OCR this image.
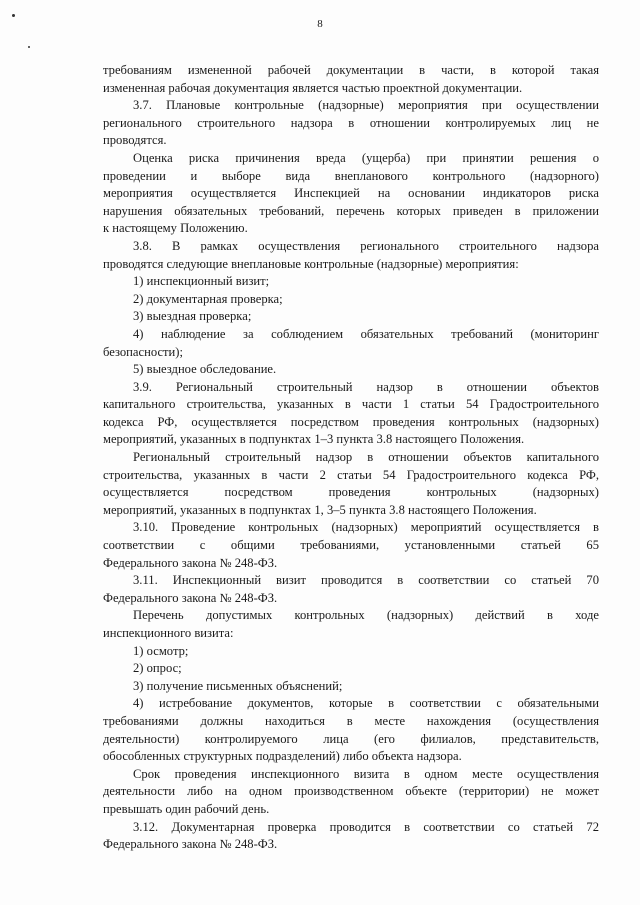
8
требованиям измененной рабочей документации в части, в которой такая
измененная рабочая документация является частью проектной документации.
3.7. Плановые контрольные (надзорные) мероприятия при осуществлении
регионального строительного надзора в отношении контролируемых лиц не
проводятся.
Оценка риска причинения вреда (ущерба) при принятии решения о
проведении и выборе вида внепланового контрольного (надзорного)
мероприятия осуществляется Инспекцией на основании индикаторов риска
нарушения обязательных требований, перечень которых приведен в приложении
к настоящему Положению.
3.8. В рамках осуществления регионального строительного надзора
проводятся следующие внеплановые контрольные (надзорные) мероприятия:
1) инспекционный визит;
2) документарная проверка;
3) выездная проверка;
4) наблюдение за соблюдением обязательных требований (мониторинг
безопасности);
5) выездное обследование.
3.9. Региональный строительный надзор в отношении объектов
капитального строительства, указанных в части 1 статьи 54 Градостроительного
кодекса РФ, осуществляется посредством проведения контрольных (надзорных)
мероприятий, указанных в подпунктах 1–3 пункта 3.8 настоящего Положения.
Региональный строительный надзор в отношении объектов капитального
строительства, указанных в части 2 статьи 54 Градостроительного кодекса РФ,
осуществляется посредством проведения контрольных (надзорных)
мероприятий, указанных в подпунктах 1, 3–5 пункта 3.8 настоящего Положения.
3.10. Проведение контрольных (надзорных) мероприятий осуществляется в
соответствии с общими требованиями, установленными статьей 65
Федерального закона № 248-ФЗ.
3.11. Инспекционный визит проводится в соответствии со статьей 70
Федерального закона № 248-ФЗ.
Перечень допустимых контрольных (надзорных) действий в ходе
инспекционного визита:
1) осмотр;
2) опрос;
3) получение письменных объяснений;
4) истребование документов, которые в соответствии с обязательными
требованиями должны находиться в месте нахождения (осуществления
деятельности) контролируемого лица (его филиалов, представительств,
обособленных структурных подразделений) либо объекта надзора.
Срок проведения инспекционного визита в одном месте осуществления
деятельности либо на одном производственном объекте (территории) не может
превышать один рабочий день.
3.12. Документарная проверка проводится в соответствии со статьей 72
Федерального закона № 248-ФЗ.
